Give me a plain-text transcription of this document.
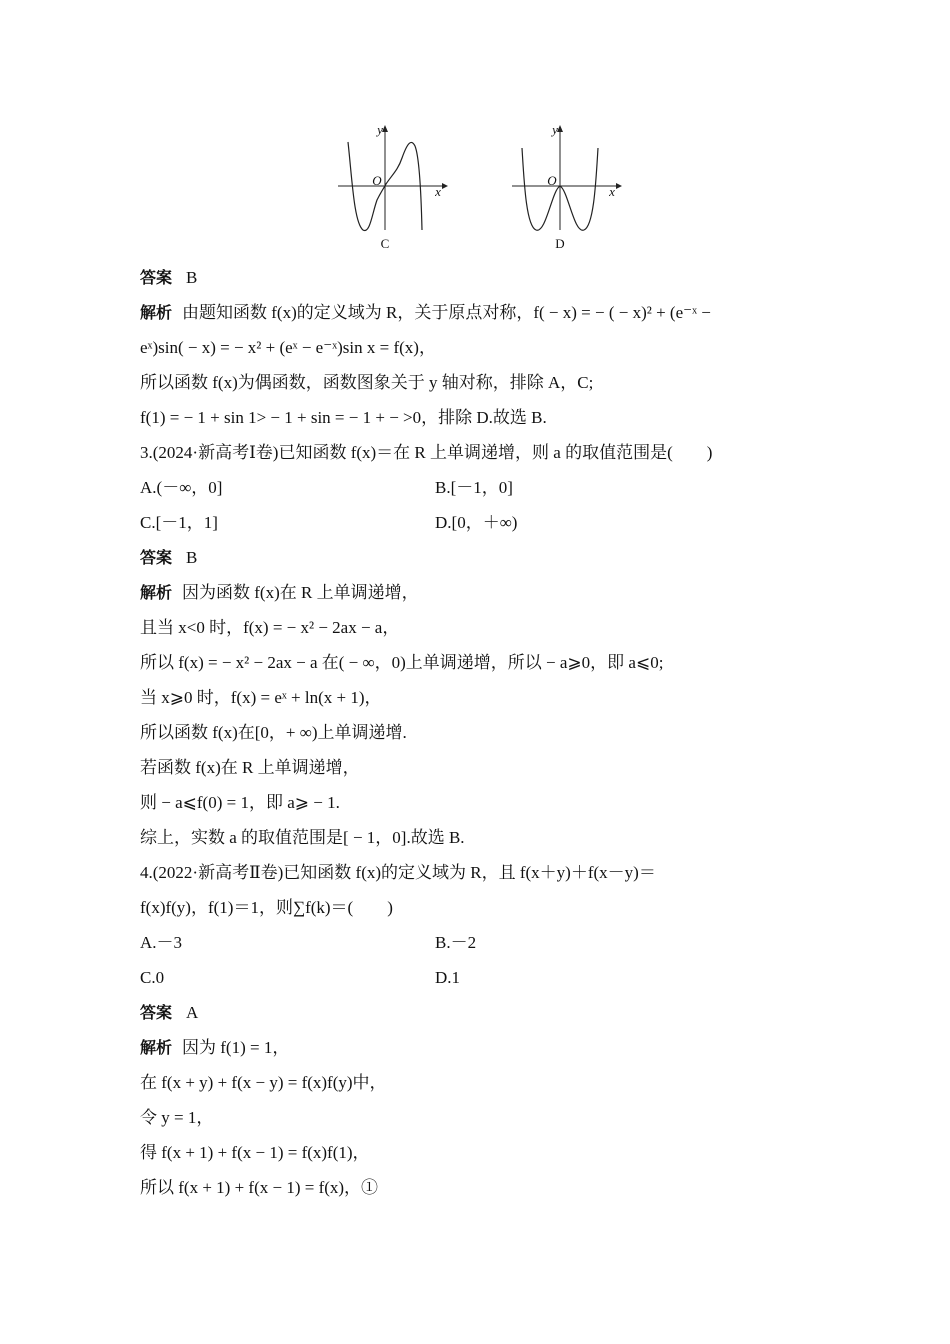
y
x
O
C
y
x
O
D
答案 B
解析 由题知函数 f(x)的定义域为 R，关于原点对称，f( − x) = − ( − x)² + (e⁻ˣ −
eˣ)sin( − x) = − x² + (eˣ − e⁻ˣ)sin x = f(x)，
所以函数 f(x)为偶函数，函数图象关于 y 轴对称，排除 A，C;
f(1) = − 1 + sin 1> − 1 + sin = − 1 + − >0，排除 D.故选 B.
3.(2024·新高考Ⅰ卷)已知函数 f(x)＝在 R 上单调递增，则 a 的取值范围是(　　)
A.(－∞，0]	B.[－1，0]
C.[－1，1]	D.[0，＋∞)
答案 B
解析 因为函数 f(x)在 R 上单调递增，
且当 x<0 时，f(x) = − x² − 2ax − a，
所以 f(x) = − x² − 2ax − a 在( − ∞，0)上单调递增，所以 − a⩾0，即 a⩽0;
当 x⩾0 时，f(x) = eˣ + ln(x + 1)，
所以函数 f(x)在[0，+ ∞)上单调递增.
若函数 f(x)在 R 上单调递增，
则 − a⩽f(0) = 1，即 a⩾ − 1.
综上，实数 a 的取值范围是[ − 1，0].故选 B.
4.(2022·新高考Ⅱ卷)已知函数 f(x)的定义域为 R，且 f(x＋y)＋f(x－y)＝
f(x)f(y)，f(1)＝1，则∑f(k)＝(　　)
A.－3	B.－2
C.0	D.1
答案 A
解析 因为 f(1) = 1，
在 f(x + y) + f(x − y) = f(x)f(y)中，
令 y = 1，
得 f(x + 1) + f(x − 1) = f(x)f(1)，
所以 f(x + 1) + f(x − 1) = f(x)，①
